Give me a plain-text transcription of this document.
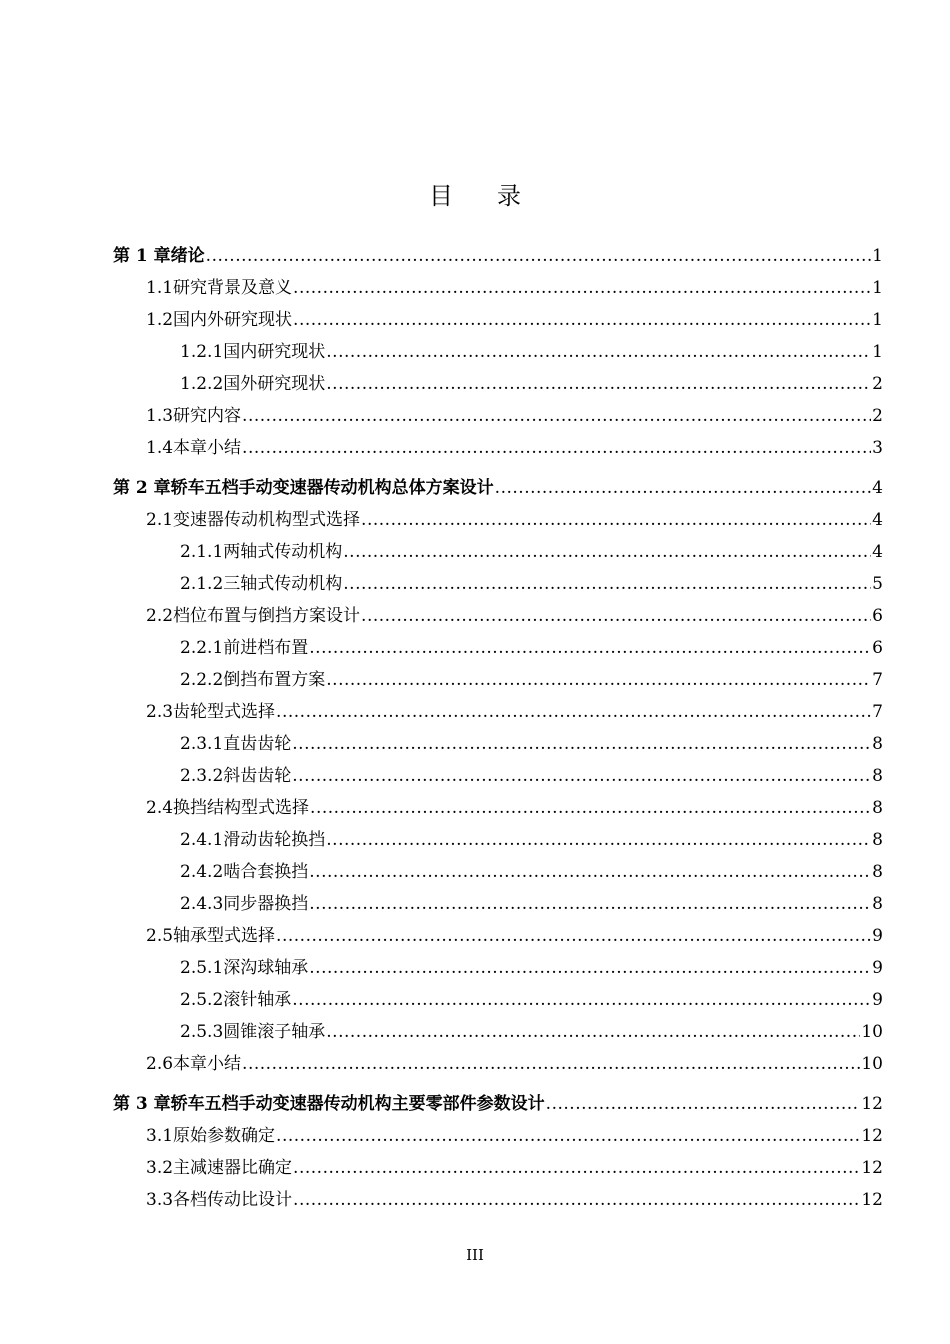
目 录
第 1 章 绪论 .....	1
1.1 研究背景及意义 .....	1
1.2 国内外研究现状 .....	1
1.2.1 国内研究现状 .....	1
1.2.2 国外研究现状 .....	2
1.3 研究内容 .....	2
1.4 本章小结 .....	3
第 2 章 轿车五档手动变速器传动机构总体方案设计 .....	4
2.1 变速器传动机构型式选择 .....	4
2.1.1 两轴式传动机构 .....	4
2.1.2 三轴式传动机构 .....	5
2.2 档位布置与倒挡方案设计 .....	6
2.2.1 前进档布置 .....	6
2.2.2 倒挡布置方案 .....	7
2.3 齿轮型式选择 .....	7
2.3.1 直齿齿轮 .....	8
2.3.2 斜齿齿轮 .....	8
2.4 换挡结构型式选择 .....	8
2.4.1 滑动齿轮换挡 .....	8
2.4.2 啮合套换挡 .....	8
2.4.3 同步器换挡 .....	8
2.5 轴承型式选择 .....	9
2.5.1 深沟球轴承 .....	9
2.5.2 滚针轴承 .....	9
2.5.3 圆锥滚子轴承 .....	10
2.6 本章小结 .....	10
第 3 章 轿车五档手动变速器传动机构主要零部件参数设计 .....	12
3.1 原始参数确定 .....	12
3.2 主减速器比确定 .....	12
3.3 各档传动比设计 .....	12
III
